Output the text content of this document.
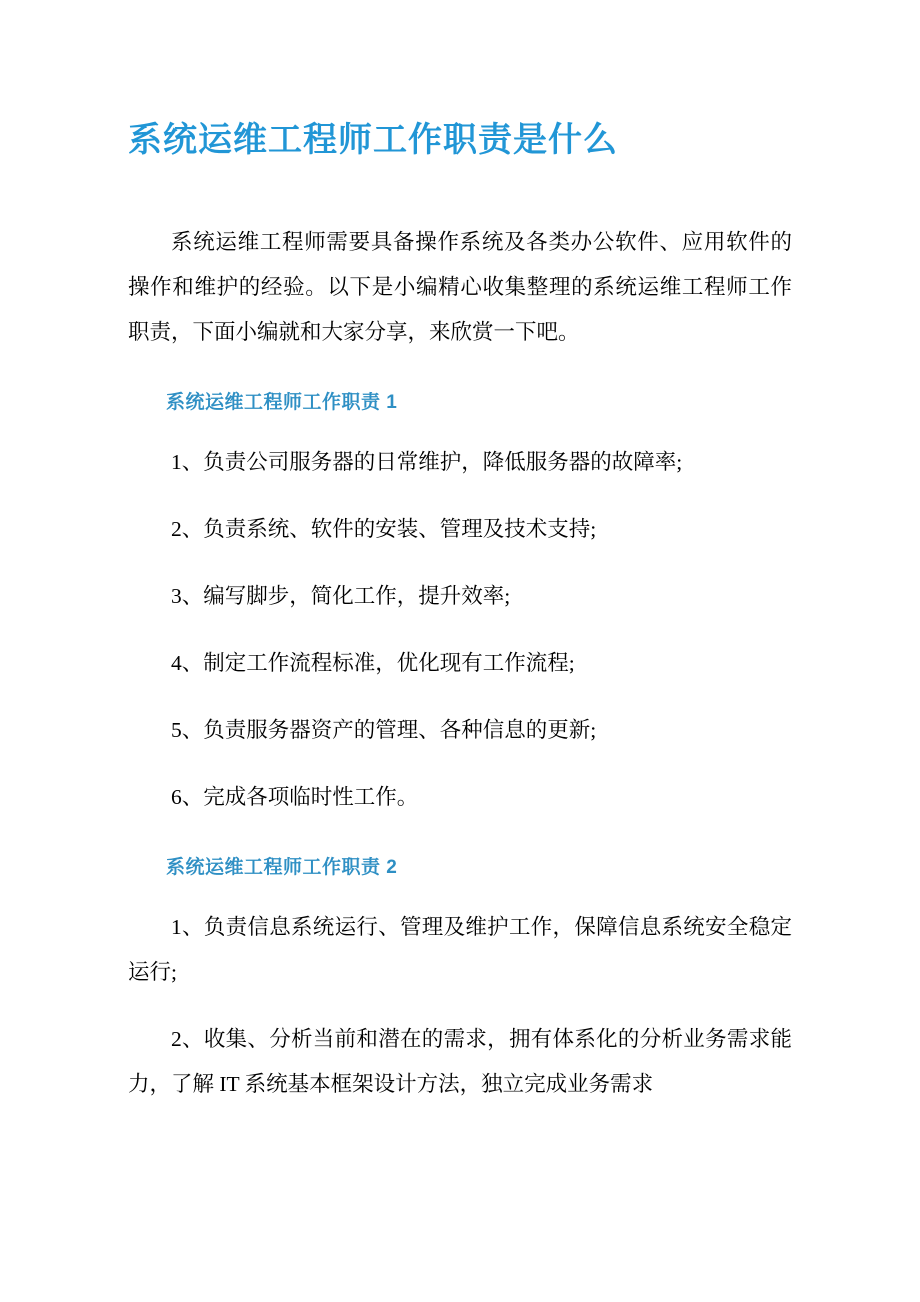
系统运维工程师工作职责是什么

系统运维工程师需要具备操作系统及各类办公软件、应用软件的操作和维护的经验。以下是小编精心收集整理的系统运维工程师工作职责，下面小编就和大家分享，来欣赏一下吧。

系统运维工程师工作职责 1

1、负责公司服务器的日常维护，降低服务器的故障率;

2、负责系统、软件的安装、管理及技术支持;

3、编写脚步，简化工作，提升效率;

4、制定工作流程标准，优化现有工作流程;

5、负责服务器资产的管理、各种信息的更新;

6、完成各项临时性工作。

系统运维工程师工作职责 2

1、负责信息系统运行、管理及维护工作，保障信息系统安全稳定运行;

2、收集、分析当前和潜在的需求，拥有体系化的分析业务需求能力，了解 IT 系统基本框架设计方法，独立完成业务需求
